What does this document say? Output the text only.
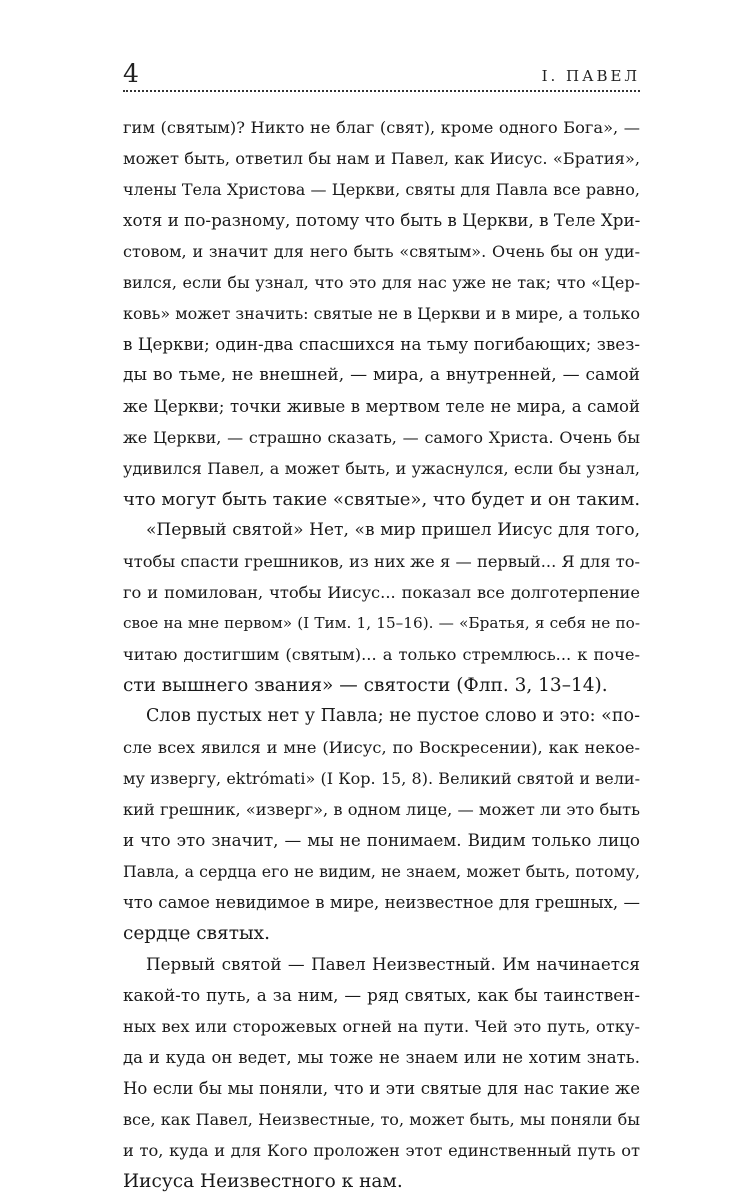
4	I. ПАВЕЛ
гим (святым)? Никто не благ (свят), кроме одного Бога», —
может быть, ответил бы нам и Павел, как Иисус. «Братия»,
члены Тела Христова — Церкви, святы для Павла все равно,
хотя и по-разному, потому что быть в Церкви, в Теле Хри-
стовом, и значит для него быть «святым». Очень бы он уди-
вился, если бы узнал, что это для нас уже не так; что «Цер-
ковь» может значить: святые не в Церкви и в мире, а только
в Церкви; один-два спасшихся на тьму погибающих; звез-
ды во тьме, не внешней, — мира, а внутренней, — самой
же Церкви; точки живые в мертвом теле не мира, а самой
же Церкви, — страшно сказать, — самого Христа. Очень бы
удивился Павел, а может быть, и ужаснулся, если бы узнал,
что могут быть такие «святые», что будет и он таким.
«Первый святой» Нет, «в мир пришел Иисус для того,
чтобы спасти грешников, из них же я — первый... Я для то-
го и помилован, чтобы Иисус... показал все долготерпение
свое на мне первом» (I Тим. 1, 15–16). — «Братья, я себя не по-
читаю достигшим (святым)... а только стремлюсь... к поче-
сти вышнего звания» — святости (Флп. 3, 13–14).
Слов пустых нет у Павла; не пустое слово и это: «по-
сле всех явился и мне (Иисус, по Воскресении), как некое-
му извергу, ektrómati» (I Кор. 15, 8). Великий святой и вели-
кий грешник, «изверг», в одном лице, — может ли это быть
и что это значит, — мы не понимаем. Видим только лицо
Павла, а сердца его не видим, не знаем, может быть, потому,
что самое невидимое в мире, неизвестное для грешных, —
сердце святых.
Первый святой — Павел Неизвестный. Им начинается
какой-то путь, а за ним, — ряд святых, как бы таинствен-
ных вех или сторожевых огней на пути. Чей это путь, отку-
да и куда он ведет, мы тоже не знаем или не хотим знать.
Но если бы мы поняли, что и эти святые для нас такие же
все, как Павел, Неизвестные, то, может быть, мы поняли бы
и то, куда и для Кого проложен этот единственный путь от
Иисуса Неизвестного к нам.
